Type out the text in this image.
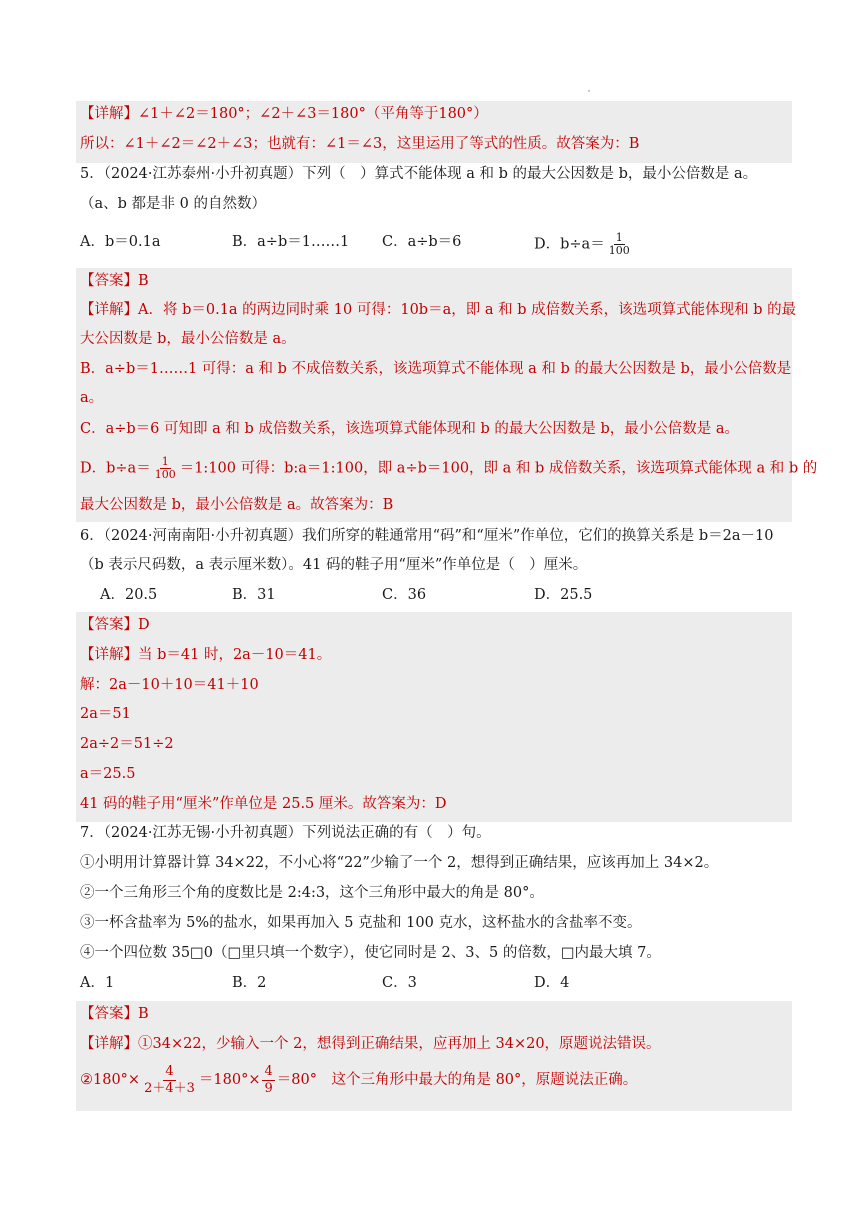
【详解】∠1＋∠2＝180°；∠2＋∠3＝180°（平角等于180°）
所以：∠1＋∠2＝∠2＋∠3；也就有：∠1＝∠3，这里运用了等式的性质。故答案为：B
5．（2024·江苏泰州·小升初真题）下列（　）算式不能体现 a 和 b 的最大公因数是 b，最小公倍数是 a。
（a、b 都是非 0 的自然数）
A．b＝0.1a	B．a÷b＝1……1 C．a÷b＝6	D．$b\div a= \frac{1}{100}$
【答案】B
【详解】A．将 b＝0.1a 的两边同时乘 10 可得：10b＝a，即 a 和 b 成倍数关系，该选项算式能体现和 b 的最
大公因数是 b，最小公倍数是 a。
B．a÷b＝1……1 可得：a 和 b 不成倍数关系，该选项算式不能体现 a 和 b 的最大公因数是 b，最小公倍数是
a。
C．a÷b＝6 可知即 a 和 b 成倍数关系，该选项算式能体现和 b 的最大公因数是 b，最小公倍数是 a。
D．$b\div a= \frac{1}{100}$ ＝1:100 可得：b:a＝1:100，即 a÷b＝100，即 a 和 b 成倍数关系，该选项算式能体现 a 和 b 的
最大公因数是 b，最小公倍数是 a。故答案为：B
6．（2024·河南南阳·小升初真题）我们所穿的鞋通常用“码”和“厘米”作单位，它们的换算关系是 b＝2a－10
（b 表示尺码数，a 表示厘米数）。41 码的鞋子用“厘米”作单位是（　）厘米。
A．20.5	B．31	C．36	D．25.5
【答案】D
【详解】当 b＝41 时，2a－10＝41。
解：2a－10＋10＝41＋10
2a＝51
2a÷2＝51÷2
a＝25.5
41 码的鞋子用“厘米”作单位是 25.5 厘米。故答案为：D
7．（2024·江苏无锡·小升初真题）下列说法正确的有（　）句。
①小明用计算器计算 34×22，不小心将“22”少输了一个 2，想得到正确结果，应该再加上 34×2。
②一个三角形三个角的度数比是 2:4:3，这个三角形中最大的角是 80°。
③一杯含盐率为 5%的盐水，如果再加入 5 克盐和 100 克水，这杯盐水的含盐率不变。
④一个四位数 35□0（□里只填一个数字），使它同时是 2、3、5 的倍数，□内最大填 7。
A．1	B．2	C．3	D．4
【答案】B
【详解】①34×22，少输入一个 2，想得到正确结果，应再加上 34×20，原题说法错误。
②180°× $\frac{4}{2+4+3} =180^\circ\times \frac{4}{9} =80^\circ$　这个三角形中最大的角是 80°，原题说法正确。
